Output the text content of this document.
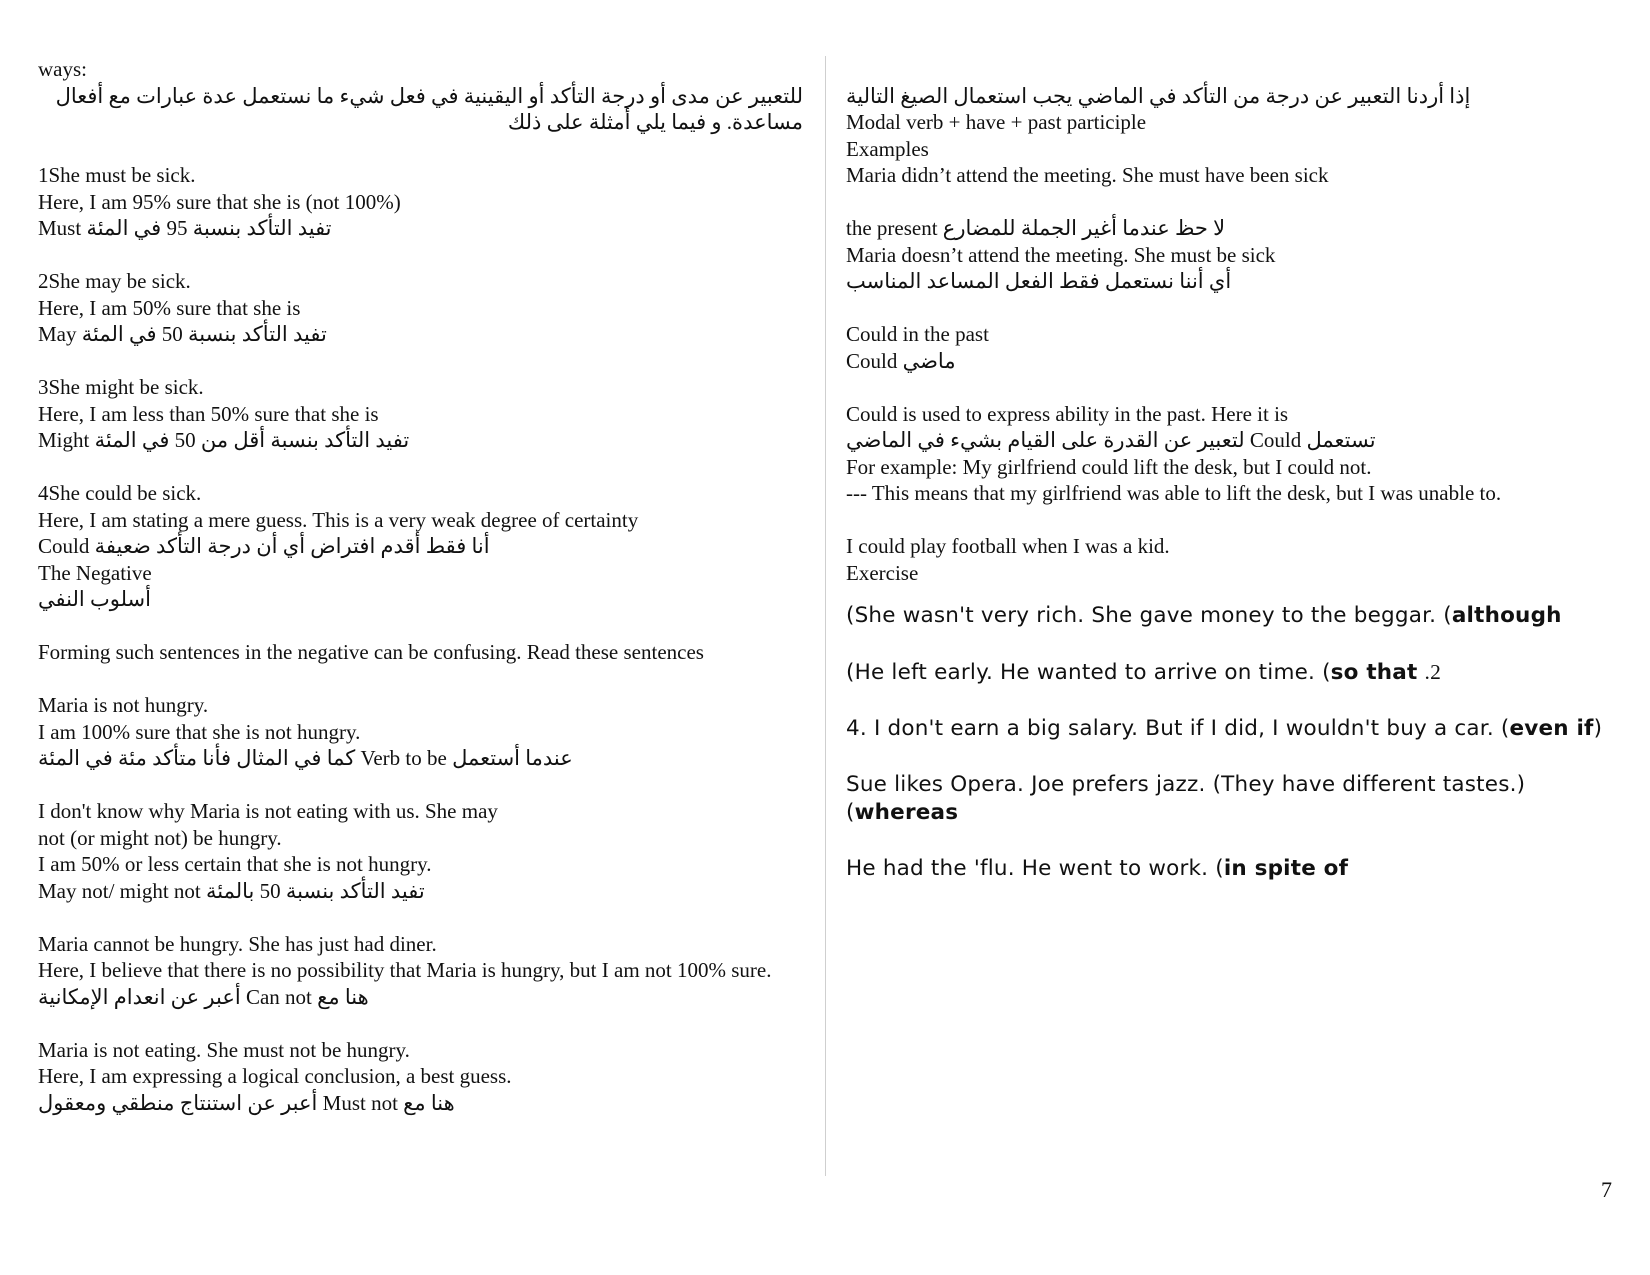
ways:

للتعبير عن مدى أو درجة التأكد أو اليقينية في فعل شيء ما نستعمل عدة عبارات مع أفعال مساعدة. و فيما يلي أمثلة على ذلك

1She must be sick.

Here, I am 95% sure that she is (not 100%)

تفيد التأكد بنسبة 95 في المئة Must

2She may be sick.

Here, I am 50% sure that she is

تفيد التأكد بنسبة 50 في المئة May

3She might be sick.

Here, I am less than 50% sure that she is

تفيد التأكد بنسبة أقل من 50 في المئة Might

4She could be sick.

Here, I am stating a mere guess. This is a very weak degree of certainty

أنا فقط أقدم افتراض أي أن درجة التأكد ضعيفة Could

The Negative

أسلوب النفي

Forming such sentences in the negative can be confusing. Read these sentences

Maria is not hungry.

I am 100% sure that she is not hungry.

عندما أستعمل Verb to be كما في المثال فأنا متأكد مئة في المئة

I don't know why Maria is not eating with us. She may

not (or might not) be hungry.

I am 50% or less certain that she is not hungry.

May not/ might not تفيد التأكد بنسبة 50 بالمئة

Maria cannot be hungry. She has just had diner.

Here, I believe that there is no possibility that Maria is hungry, but I am not 100% sure.

هنا مع Can not أعبر عن انعدام الإمكانية

Maria is not eating. She must not be hungry.

Here, I am expressing a logical conclusion, a best guess.

هنا مع Must not أعبر عن استنتاج منطقي ومعقول

إذا أردنا التعبير عن درجة من التأكد في الماضي يجب استعمال الصيغ التالية

Modal verb + have + past participle

Examples

Maria didn’t attend the meeting. She must have been sick

لا حظ عندما أغير الجملة للمضارع the present

Maria doesn’t attend the meeting. She must be sick

أي أننا نستعمل فقط الفعل المساعد المناسب

Could in the past

Could ماضي

Could is used to express ability in the past. Here it is

تستعمل Could لتعبير عن القدرة على القيام بشيء في الماضي

For example: My girlfriend could lift the desk, but I could not.

--- This means that my girlfriend was able to lift the desk, but I was unable to.

I could play football when I was a kid.

Exercise

(She wasn't very rich. She gave money to the beggar. (although

(He left early. He wanted to arrive on time. (so that .2

4. I don't earn a big salary. But if I did, I wouldn't buy a car. (even if)

Sue likes Opera. Joe prefers jazz. (They have different tastes.) (whereas

He had the 'flu. He went to work. (in spite of

7
